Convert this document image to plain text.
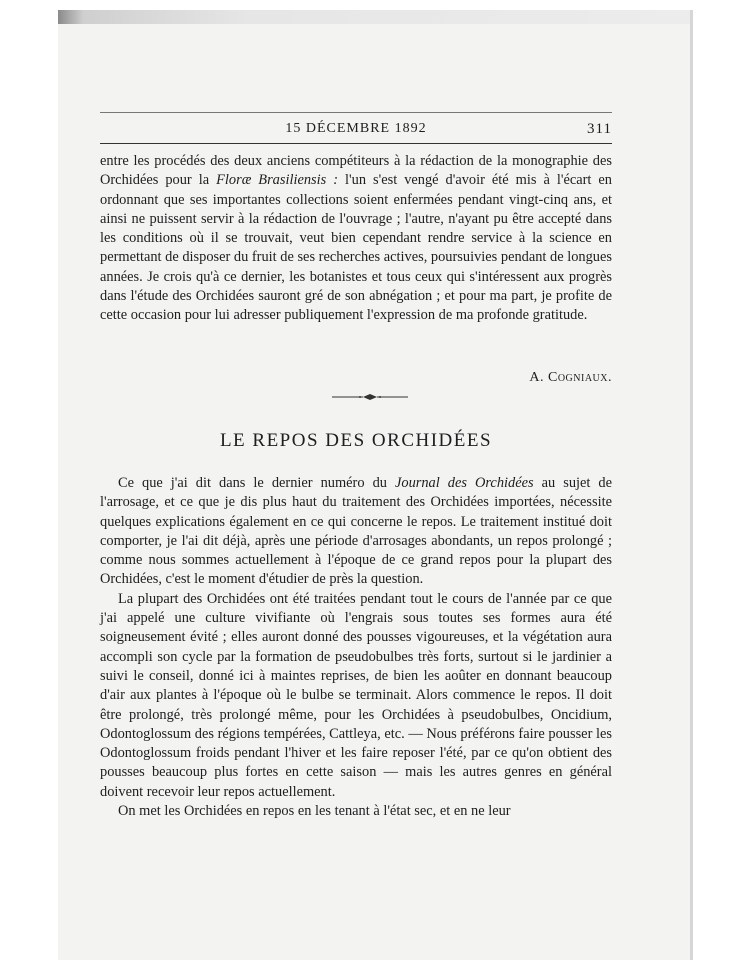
15 DÉCEMBRE 1892	311

entre les procédés des deux anciens compétiteurs à la rédaction de la monographie des Orchidées pour la Floræ Brasiliensis : l'un s'est vengé d'avoir été mis à l'écart en ordonnant que ses importantes collections soient enfermées pendant vingt-cinq ans, et ainsi ne puissent servir à la rédaction de l'ouvrage ; l'autre, n'ayant pu être accepté dans les conditions où il se trouvait, veut bien cependant rendre service à la science en permettant de disposer du fruit de ses recherches actives, poursuivies pendant de longues années. Je crois qu'à ce dernier, les botanistes et tous ceux qui s'intéressent aux progrès dans l'étude des Orchidées sauront gré de son abnégation ; et pour ma part, je profite de cette occasion pour lui adresser publiquement l'expression de ma profonde gratitude.

A. Cogniaux.
LE REPOS DES ORCHIDÉES

Ce que j'ai dit dans le dernier numéro du Journal des Orchidées au sujet de l'arrosage, et ce que je dis plus haut du traitement des Orchidées importées, nécessite quelques explications également en ce qui concerne le repos. Le traitement institué doit comporter, je l'ai dit déjà, après une période d'arrosages abondants, un repos prolongé ; comme nous sommes actuellement à l'époque de ce grand repos pour la plupart des Orchidées, c'est le moment d'étudier de près la question.

La plupart des Orchidées ont été traitées pendant tout le cours de l'année par ce que j'ai appelé une culture vivifiante où l'engrais sous toutes ses formes aura été soigneusement évité ; elles auront donné des pousses vigoureuses, et la végétation aura accompli son cycle par la formation de pseudobulbes très forts, surtout si le jardinier a suivi le conseil, donné ici à maintes reprises, de bien les aoûter en donnant beaucoup d'air aux plantes à l'époque où le bulbe se terminait. Alors commence le repos. Il doit être prolongé, très prolongé même, pour les Orchidées à pseudobulbes, Oncidium, Odontoglossum des régions tempérées, Cattleya, etc. — Nous préférons faire pousser les Odontoglossum froids pendant l'hiver et les faire reposer l'été, par ce qu'on obtient des pousses beaucoup plus fortes en cette saison — mais les autres genres en général doivent recevoir leur repos actuellement.

On met les Orchidées en repos en les tenant à l'état sec, et en ne leur
